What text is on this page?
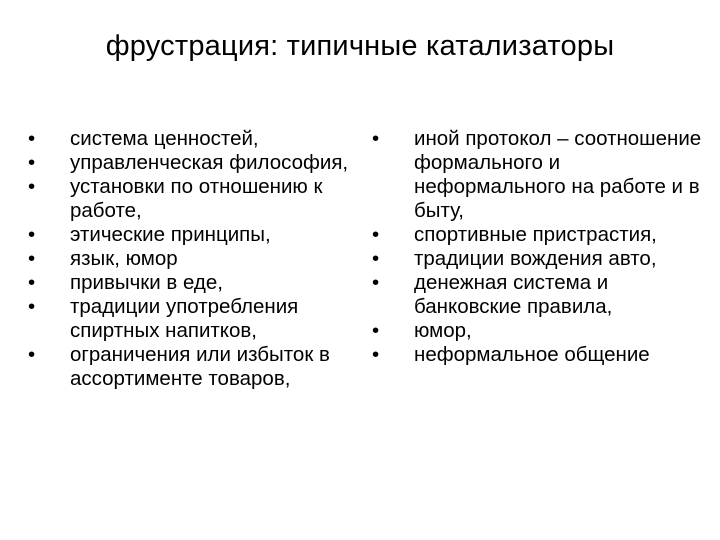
фрустрация: типичные катализаторы
•	система ценностей,
•	управленческая философия,
•	установки по отношению к работе,
•	этические принципы,
•	язык, юмор
•	привычки в еде,
•	традиции употребления спиртных напитков,
•	ограничения или избыток в ассортименте товаров,
•	иной протокол – соотношение формального и неформального на работе и в быту,
•	спортивные пристрастия,
•	традиции вождения авто,
•	денежная система и банковские правила,
•	юмор,
•	неформальное общение
